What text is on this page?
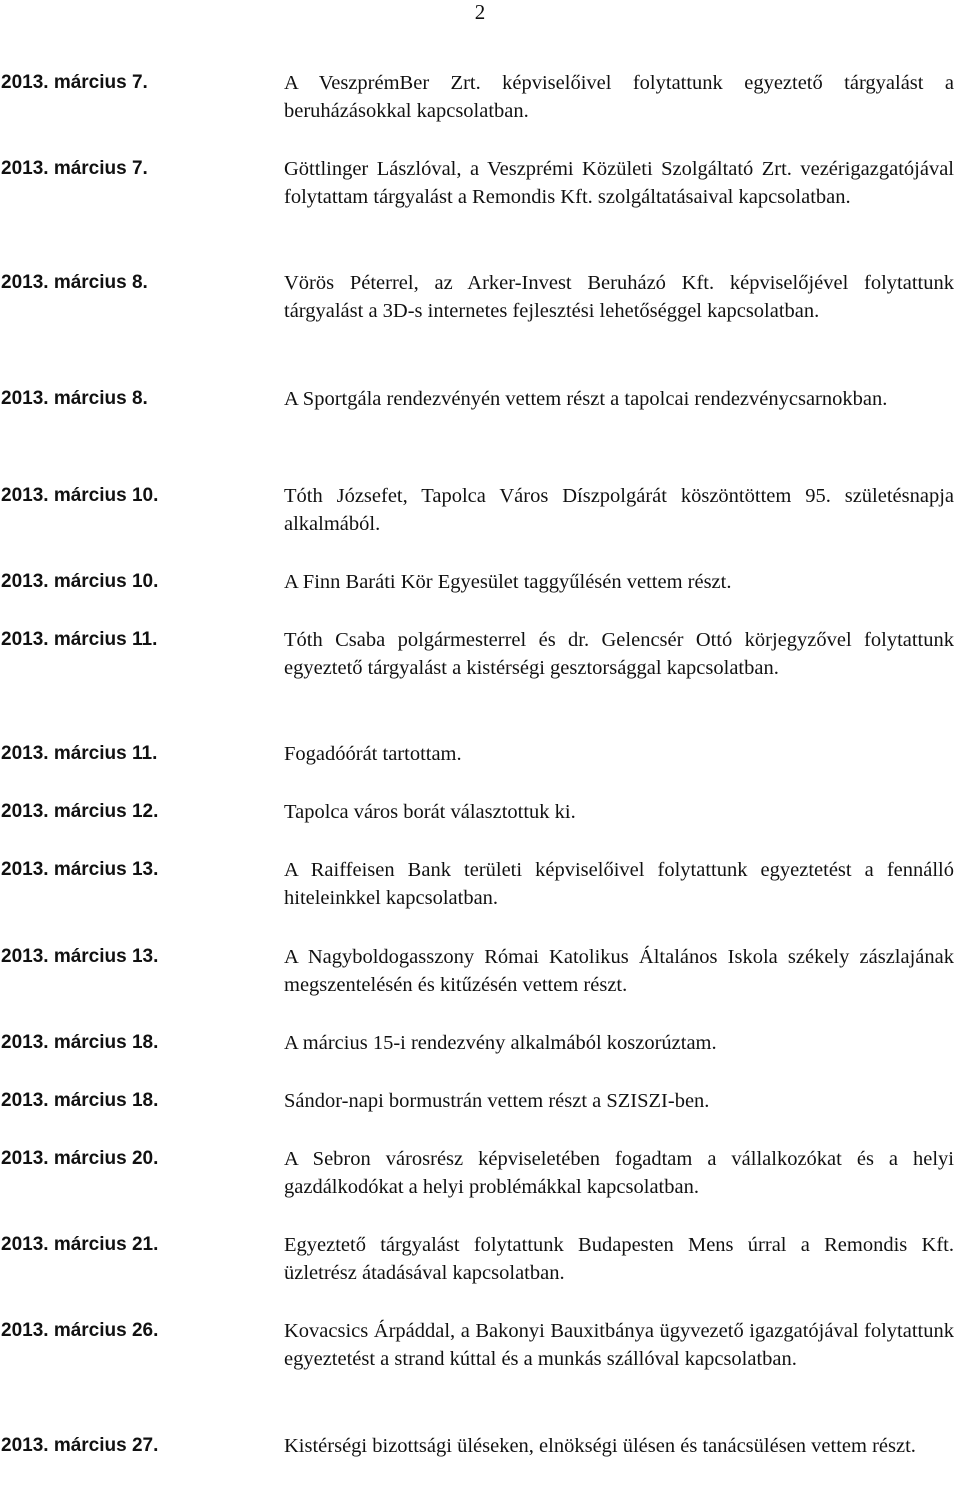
2
2013. március 7.	A VeszprémBer Zrt. képviselőivel folytattunk egyeztető tárgyalást a beruházásokkal kapcsolatban.
2013. március 7.	Göttlinger Lászlóval, a Veszprémi Közületi Szolgáltató Zrt. vezérigazgatójával folytattam tárgyalást a Remondis Kft. szolgáltatásaival kapcsolatban.
2013. március 8.	Vörös Péterrel, az Arker-Invest Beruházó Kft. képviselőjével folytattunk tárgyalást a 3D-s internetes fejlesztési lehetőséggel kapcsolatban.
2013. március 8.	A Sportgála rendezvényén vettem részt a tapolcai rendezvénycsarnokban.
2013. március 10.	Tóth Józsefet, Tapolca Város Díszpolgárát köszöntöttem 95. születésnapja alkalmából.
2013. március 10.	A Finn Baráti Kör Egyesület taggyűlésén vettem részt.
2013. március 11.	Tóth Csaba polgármesterrel és dr. Gelencsér Ottó körjegyzővel folytattunk egyeztető tárgyalást a kistérségi gesztorsággal kapcsolatban.
2013. március 11.	Fogadóórát tartottam.
2013. március 12.	Tapolca város borát választottuk ki.
2013. március 13.	A Raiffeisen Bank területi képviselőivel folytattunk egyeztetést a fennálló hiteleinkkel kapcsolatban.
2013. március 13.	A Nagyboldogasszony Római Katolikus Általános Iskola székely zászlajának megszentelésén és kitűzésén vettem részt.
2013. március 18.	A március 15-i rendezvény alkalmából koszorúztam.
2013. március 18.	Sándor-napi bormustrán vettem részt a SZISZI-ben.
2013. március 20.	A Sebron városrész képviseletében fogadtam a vállalkozókat és a helyi gazdálkodókat a helyi problémákkal kapcsolatban.
2013. március 21.	Egyeztető tárgyalást folytattunk Budapesten Mens úrral a Remondis Kft. üzletrész átadásával kapcsolatban.
2013. március 26.	Kovacsics Árpáddal, a Bakonyi Bauxitbánya ügyvezető igazgatójával folytattunk egyeztetést a strand kúttal és a munkás szállóval kapcsolatban.
2013. március 27.	Kistérségi bizottsági üléseken, elnökségi ülésen és tanácsülésen vettem részt.
